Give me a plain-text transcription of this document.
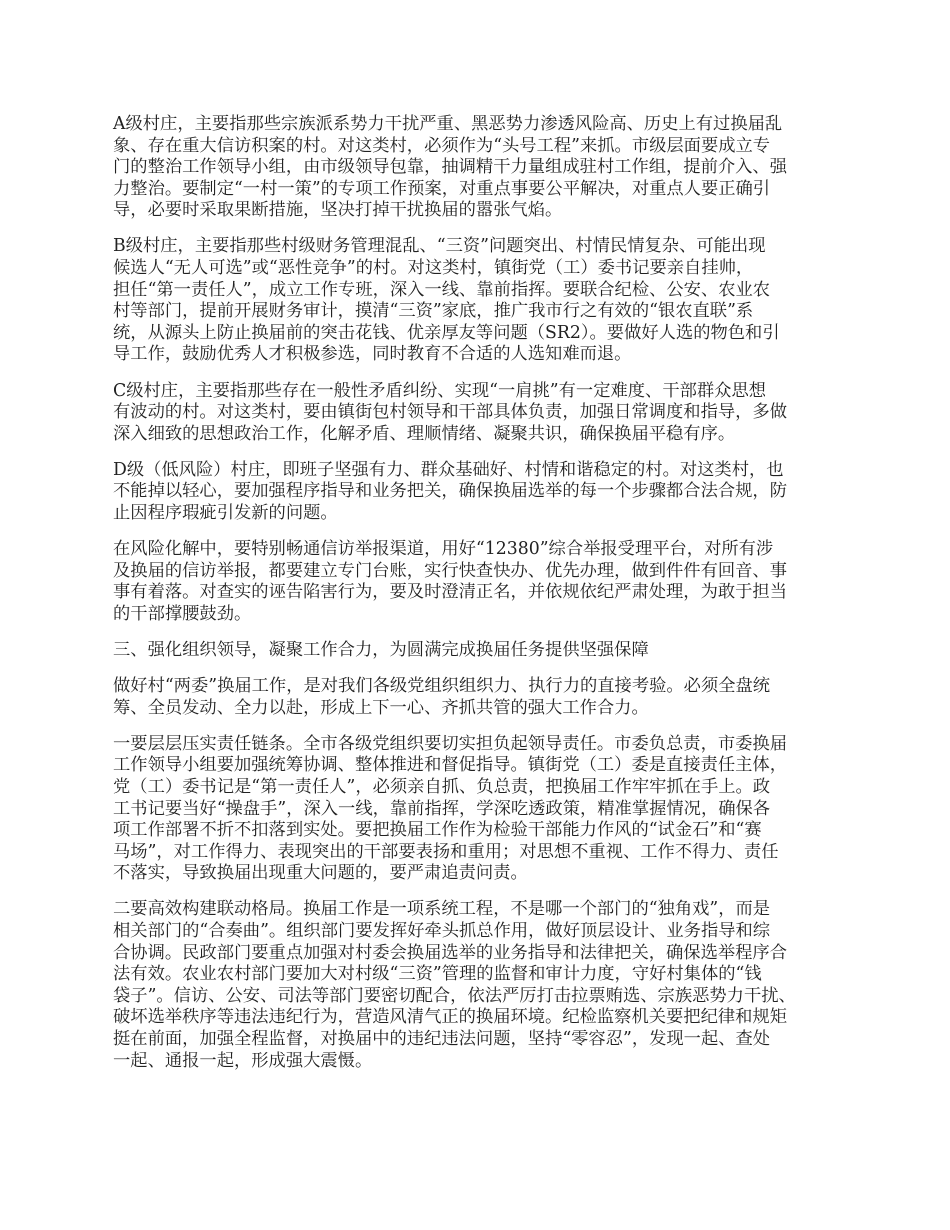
A级村庄，主要指那些宗族派系势力干扰严重、黑恶势力渗透风险高、历史上有过换届乱
象、存在重大信访积案的村。对这类村，必须作为“头号工程”来抓。市级层面要成立专
门的整治工作领导小组，由市级领导包靠，抽调精干力量组成驻村工作组，提前介入、强
力整治。要制定“一村一策”的专项工作预案，对重点事要公平解决，对重点人要正确引
导，必要时采取果断措施，坚决打掉干扰换届的嚣张气焰。
B级村庄，主要指那些村级财务管理混乱、“三资”问题突出、村情民情复杂、可能出现
候选人“无人可选”或“恶性竞争”的村。对这类村，镇街党（工）委书记要亲自挂帅，
担任“第一责任人”，成立工作专班，深入一线、靠前指挥。要联合纪检、公安、农业农
村等部门，提前开展财务审计，摸清“三资”家底，推广我市行之有效的“银农直联”系
统，从源头上防止换届前的突击花钱、优亲厚友等问题（SR2）。要做好人选的物色和引
导工作，鼓励优秀人才积极参选，同时教育不合适的人选知难而退。
C级村庄，主要指那些存在一般性矛盾纠纷、实现“一肩挑”有一定难度、干部群众思想
有波动的村。对这类村，要由镇街包村领导和干部具体负责，加强日常调度和指导，多做
深入细致的思想政治工作，化解矛盾、理顺情绪、凝聚共识，确保换届平稳有序。
D级（低风险）村庄，即班子坚强有力、群众基础好、村情和谐稳定的村。对这类村，也
不能掉以轻心，要加强程序指导和业务把关，确保换届选举的每一个步骤都合法合规，防
止因程序瑕疵引发新的问题。
在风险化解中，要特别畅通信访举报渠道，用好“12380”综合举报受理平台，对所有涉
及换届的信访举报，都要建立专门台账，实行快查快办、优先办理，做到件件有回音、事
事有着落。对查实的诬告陷害行为，要及时澄清正名，并依规依纪严肃处理，为敢于担当
的干部撑腰鼓劲。
三、强化组织领导，凝聚工作合力，为圆满完成换届任务提供坚强保障
做好村“两委”换届工作，是对我们各级党组织组织力、执行力的直接考验。必须全盘统
筹、全员发动、全力以赴，形成上下一心、齐抓共管的强大工作合力。
一要层层压实责任链条。全市各级党组织要切实担负起领导责任。市委负总责，市委换届
工作领导小组要加强统筹协调、整体推进和督促指导。镇街党（工）委是直接责任主体，
党（工）委书记是“第一责任人”，必须亲自抓、负总责，把换届工作牢牢抓在手上。政
工书记要当好“操盘手”，深入一线，靠前指挥，学深吃透政策，精准掌握情况，确保各
项工作部署不折不扣落到实处。要把换届工作作为检验干部能力作风的“试金石”和“赛
马场”，对工作得力、表现突出的干部要表扬和重用；对思想不重视、工作不得力、责任
不落实，导致换届出现重大问题的，要严肃追责问责。
二要高效构建联动格局。换届工作是一项系统工程，不是哪一个部门的“独角戏”，而是
相关部门的“合奏曲”。组织部门要发挥好牵头抓总作用，做好顶层设计、业务指导和综
合协调。民政部门要重点加强对村委会换届选举的业务指导和法律把关，确保选举程序合
法有效。农业农村部门要加大对村级“三资”管理的监督和审计力度，守好村集体的“钱
袋子”。信访、公安、司法等部门要密切配合，依法严厉打击拉票贿选、宗族恶势力干扰、
破坏选举秩序等违法违纪行为，营造风清气正的换届环境。纪检监察机关要把纪律和规矩
挺在前面，加强全程监督，对换届中的违纪违法问题，坚持“零容忍”，发现一起、查处
一起、通报一起，形成强大震慑。
